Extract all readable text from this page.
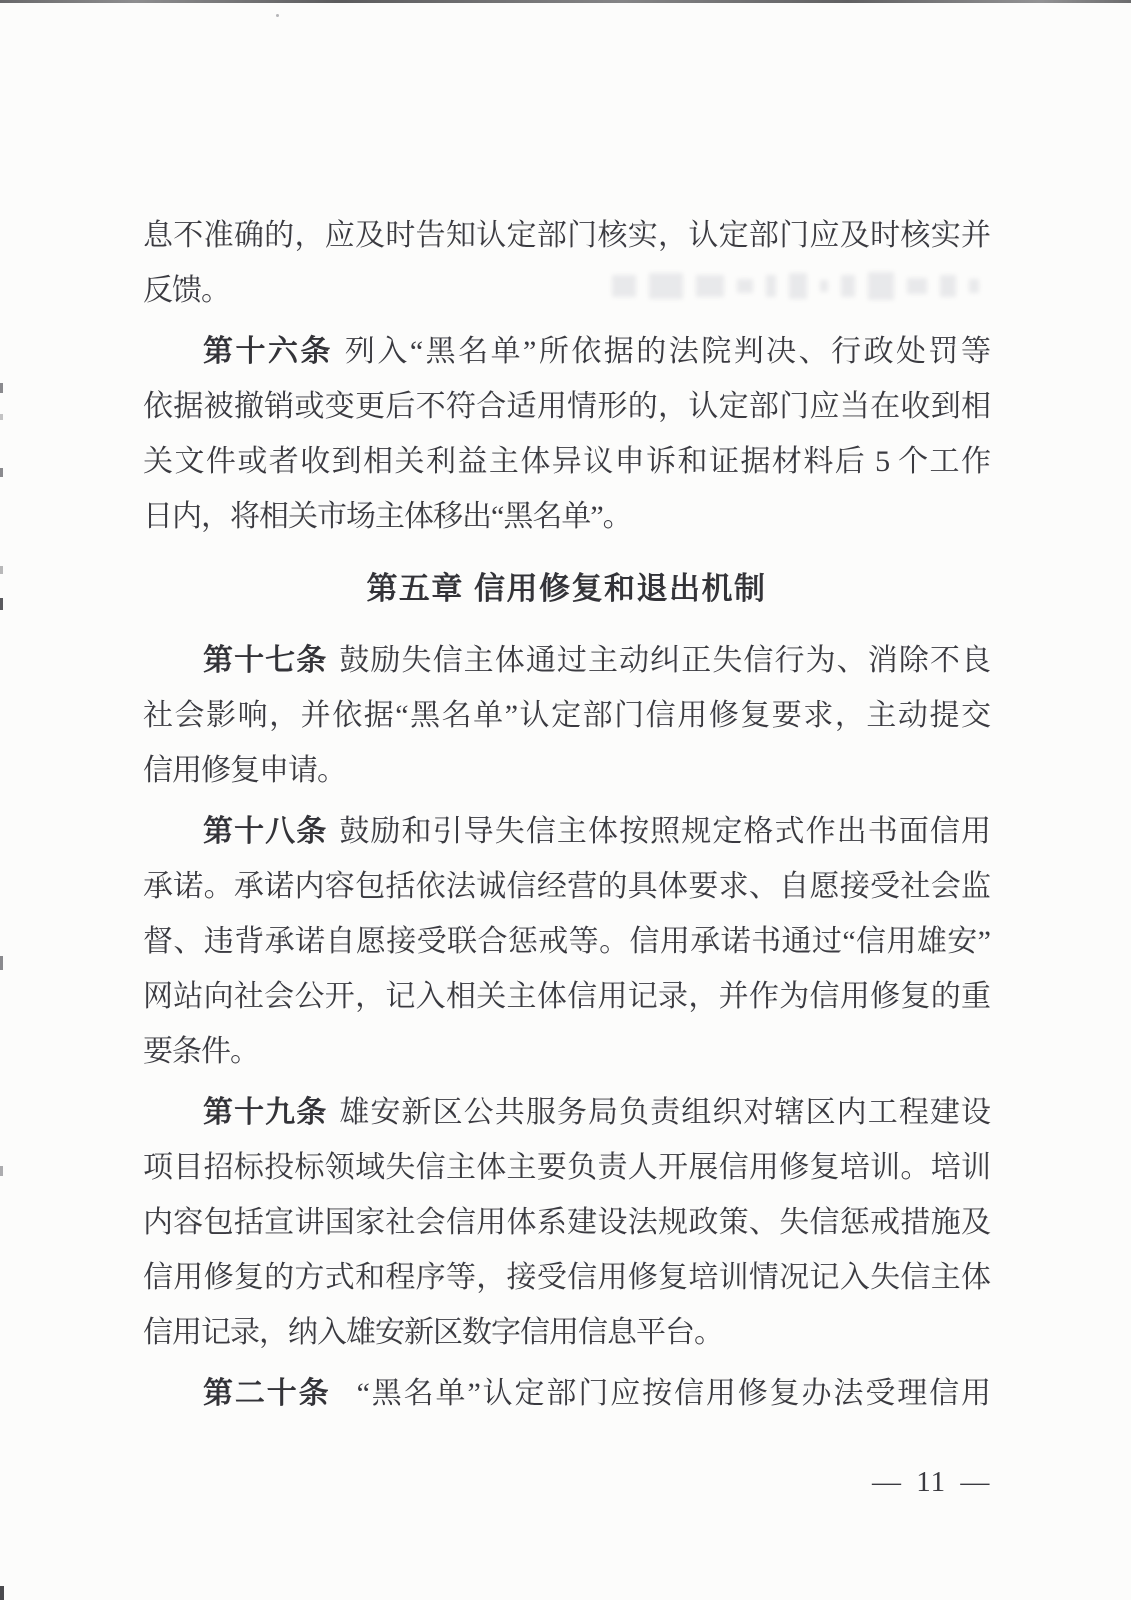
息不准确的，应及时告知认定部门核实，认定部门应及时核实并
反馈。
第十六条 列入“黑名单”所依据的法院判决、行政处罚等
依据被撤销或变更后不符合适用情形的，认定部门应当在收到相
关文件或者收到相关利益主体异议申诉和证据材料后 5 个工作
日内，将相关市场主体移出“黑名单”。
第五章 信用修复和退出机制
第十七条 鼓励失信主体通过主动纠正失信行为、消除不良
社会影响，并依据“黑名单”认定部门信用修复要求，主动提交
信用修复申请。
第十八条 鼓励和引导失信主体按照规定格式作出书面信用
承诺。承诺内容包括依法诚信经营的具体要求、自愿接受社会监
督、违背承诺自愿接受联合惩戒等。信用承诺书通过“信用雄安”
网站向社会公开，记入相关主体信用记录，并作为信用修复的重
要条件。
第十九条 雄安新区公共服务局负责组织对辖区内工程建设
项目招标投标领域失信主体主要负责人开展信用修复培训。培训
内容包括宣讲国家社会信用体系建设法规政策、失信惩戒措施及
信用修复的方式和程序等，接受信用修复培训情况记入失信主体
信用记录，纳入雄安新区数字信用信息平台。
第二十条 “黑名单”认定部门应按信用修复办法受理信用
— 11 —
